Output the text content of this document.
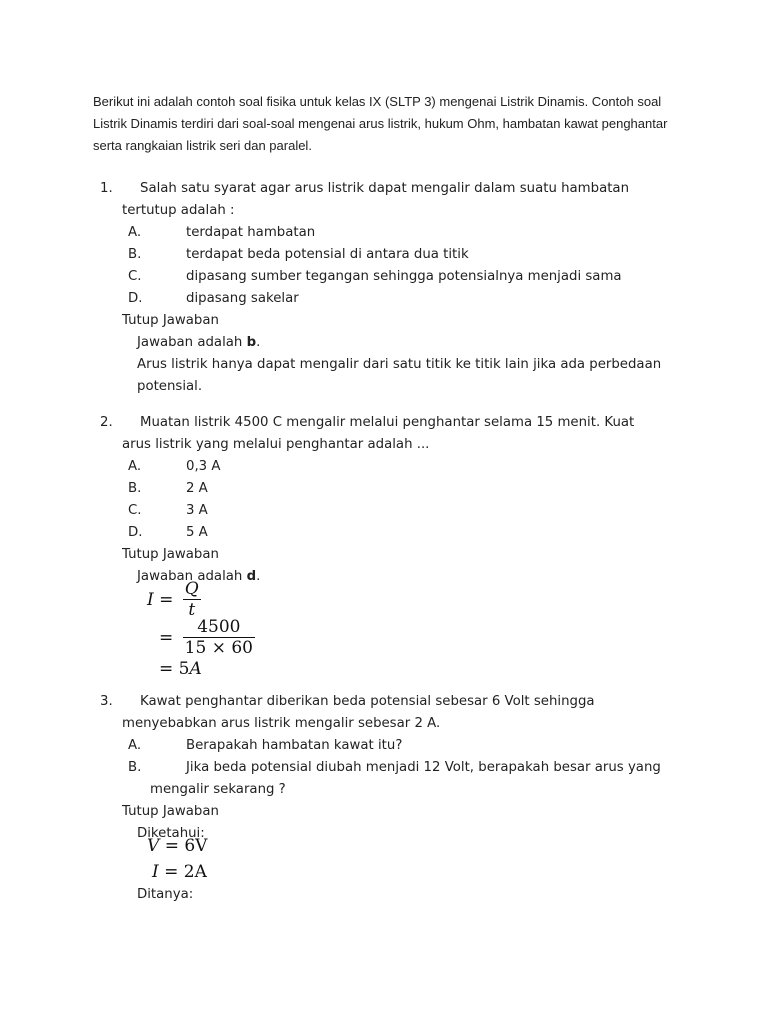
Berikut ini adalah contoh soal fisika untuk kelas IX (SLTP 3) mengenai Listrik Dinamis. Contoh soal Listrik Dinamis terdiri dari soal-soal mengenai arus listrik, hukum Ohm, hambatan kawat penghantar serta rangkaian listrik seri dan paralel.

1. Salah satu syarat agar arus listrik dapat mengalir dalam suatu hambatan
tertutup adalah :
A.	terdapat hambatan
B.	terdapat beda potensial di antara dua titik
C.	dipasang sumber tegangan sehingga potensialnya menjadi sama
D.	dipasang sakelar
Tutup Jawaban
Jawaban adalah b.
Arus listrik hanya dapat mengalir dari satu titik ke titik lain jika ada perbedaan
potensial.
2. Muatan listrik 4500 C mengalir melalui penghantar selama 15 menit. Kuat
arus listrik yang melalui penghantar adalah ...
A.	0,3 A
B.	2 A
C.	3 A
D.	5 A
Tutup Jawaban
Jawaban adalah d.
$I = \frac{Q}{t}$
= $\frac{4500}{15 \times 60}$
= 5A
3. Kawat penghantar diberikan beda potensial sebesar 6 Volt sehingga
menyebabkan arus listrik mengalir sebesar 2 A.
A.	Berapakah hambatan kawat itu?
B.	Jika beda potensial diubah menjadi 12 Volt, berapakah besar arus yang
mengalir sekarang ?
Tutup Jawaban
Diketahui:
V = 6V
I = 2A
Ditanya:
